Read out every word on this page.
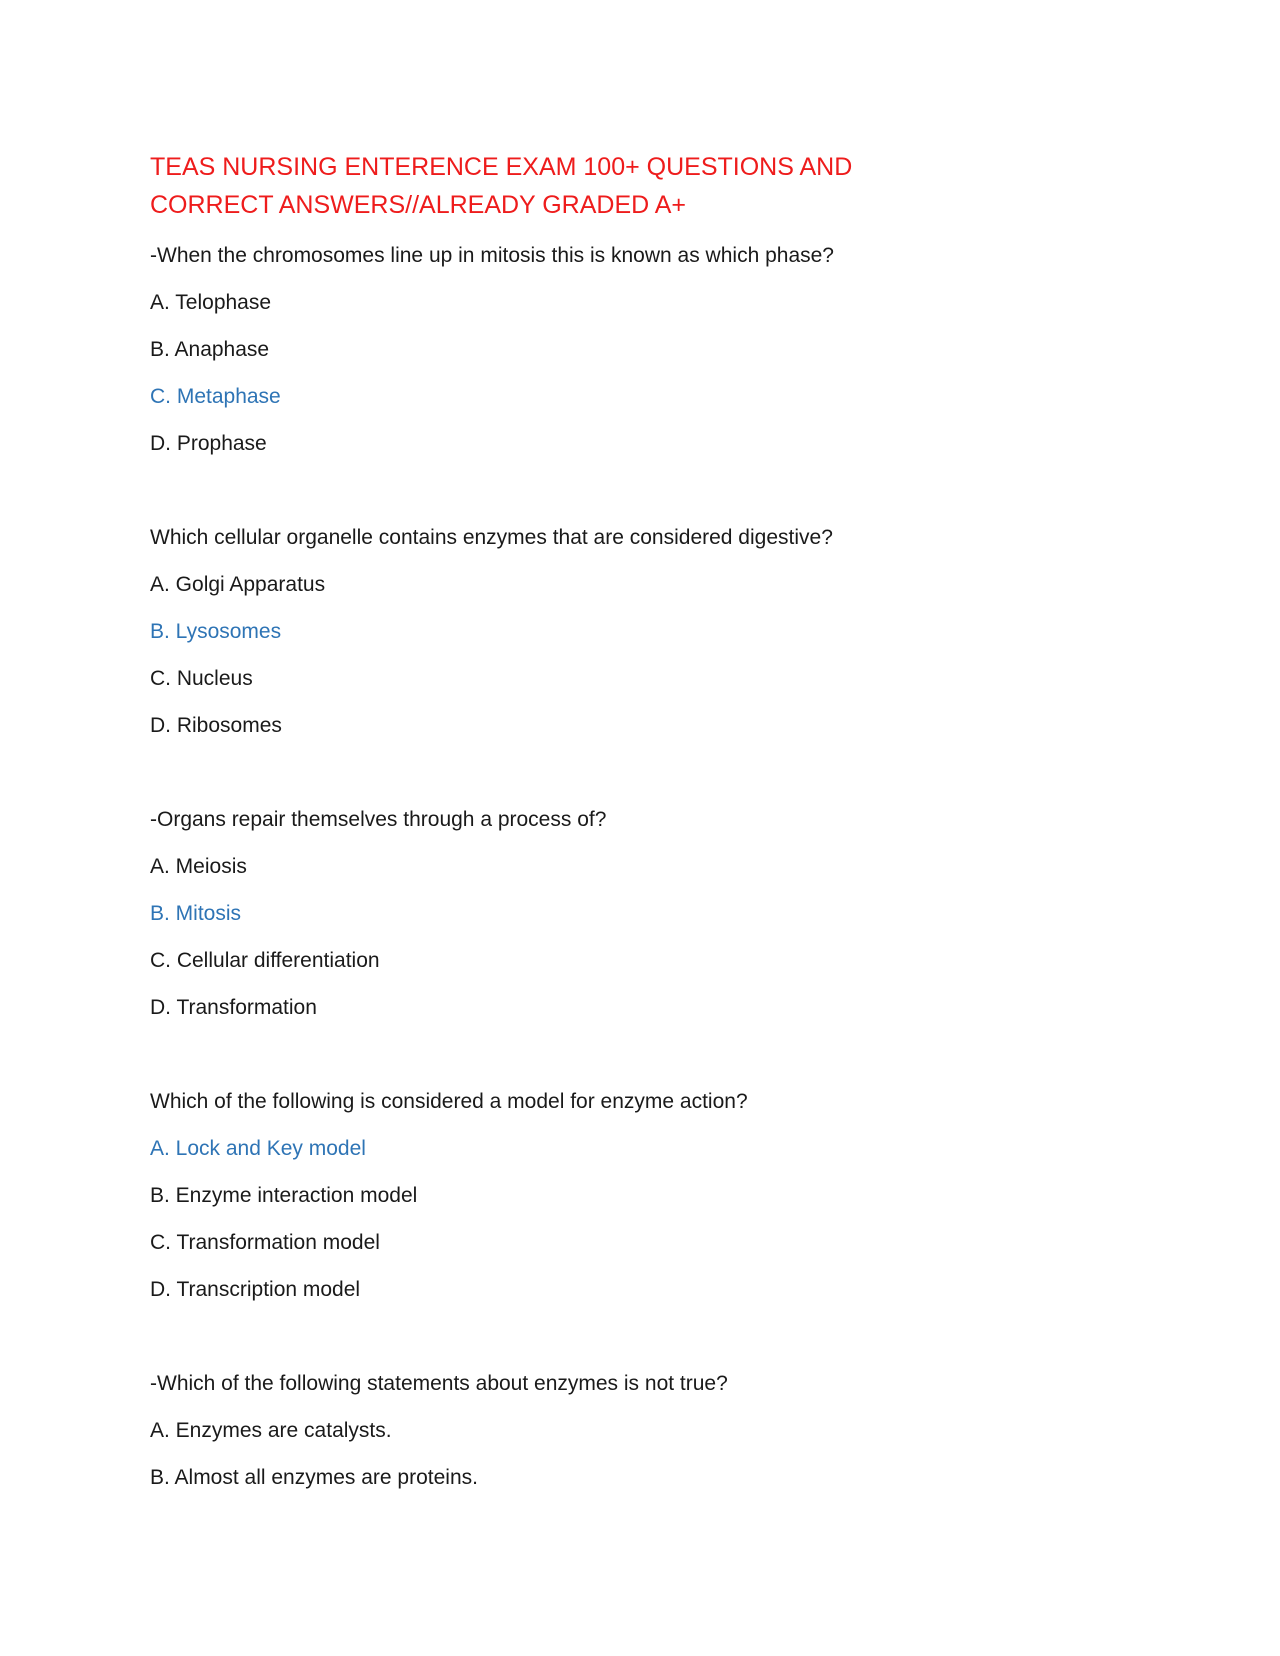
TEAS NURSING ENTERENCE EXAM 100+ QUESTIONS AND CORRECT ANSWERS//ALREADY GRADED A+

-When the chromosomes line up in mitosis this is known as which phase?

A. Telophase

B. Anaphase

C. Metaphase

D. Prophase

Which cellular organelle contains enzymes that are considered digestive?

A. Golgi Apparatus

B. Lysosomes

C. Nucleus

D. Ribosomes

-Organs repair themselves through a process of?

A. Meiosis

B. Mitosis

C. Cellular differentiation

D. Transformation

Which of the following is considered a model for enzyme action?

A. Lock and Key model

B. Enzyme interaction model

C. Transformation model

D. Transcription model

-Which of the following statements about enzymes is not true?

A. Enzymes are catalysts.

B. Almost all enzymes are proteins.
